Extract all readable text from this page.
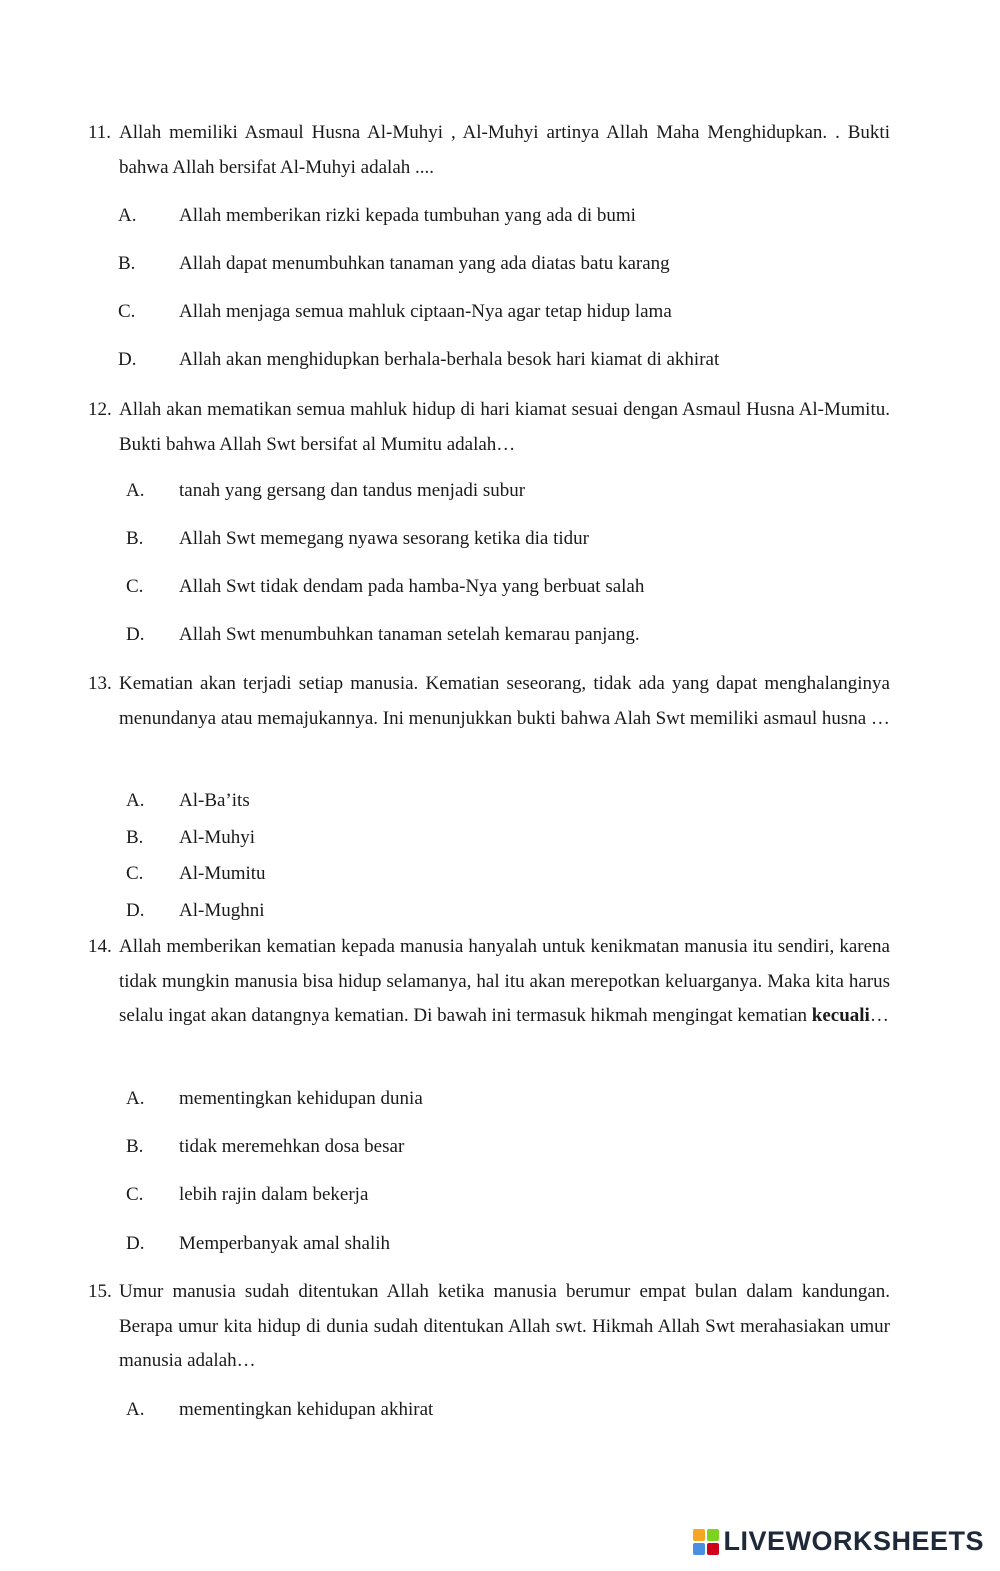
11. Allah memiliki Asmaul Husna Al-Muhyi , Al-Muhyi artinya Allah Maha Menghidupkan. . Bukti bahwa Allah bersifat Al-Muhyi adalah ....
A. Allah memberikan rizki kepada tumbuhan yang ada di bumi
B. Allah dapat menumbuhkan tanaman yang ada diatas batu karang
C. Allah menjaga semua mahluk ciptaan-Nya agar tetap hidup lama
D. Allah akan menghidupkan berhala-berhala besok hari kiamat di akhirat
12. Allah akan mematikan semua mahluk hidup di hari kiamat sesuai dengan Asmaul Husna Al-Mumitu. Bukti bahwa Allah Swt bersifat al Mumitu adalah…
A. tanah yang gersang dan tandus menjadi subur
B. Allah Swt memegang nyawa sesorang ketika dia tidur
C. Allah Swt tidak dendam pada hamba-Nya yang berbuat salah
D. Allah Swt menumbuhkan tanaman setelah kemarau panjang.
13. Kematian akan terjadi setiap manusia. Kematian seseorang, tidak ada yang dapat menghalanginya menundanya atau memajukannya. Ini menunjukkan bukti bahwa Alah Swt memiliki asmaul husna …
A. Al-Ba’its
B. Al-Muhyi
C. Al-Mumitu
D. Al-Mughni
14. Allah memberikan kematian kepada manusia hanyalah untuk kenikmatan manusia itu sendiri, karena tidak mungkin manusia bisa hidup selamanya, hal itu akan merepotkan keluarganya. Maka kita harus selalu ingat akan datangnya kematian. Di bawah ini termasuk hikmah mengingat kematian kecuali…
A. mementingkan kehidupan dunia
B. tidak meremehkan dosa besar
C. lebih rajin dalam bekerja
D. Memperbanyak amal shalih
15. Umur manusia sudah ditentukan Allah ketika manusia berumur empat bulan dalam kandungan. Berapa umur kita hidup di dunia sudah ditentukan Allah swt. Hikmah Allah Swt merahasiakan umur manusia adalah…
A. mementingkan kehidupan akhirat
LIVEWORKSHEETS
